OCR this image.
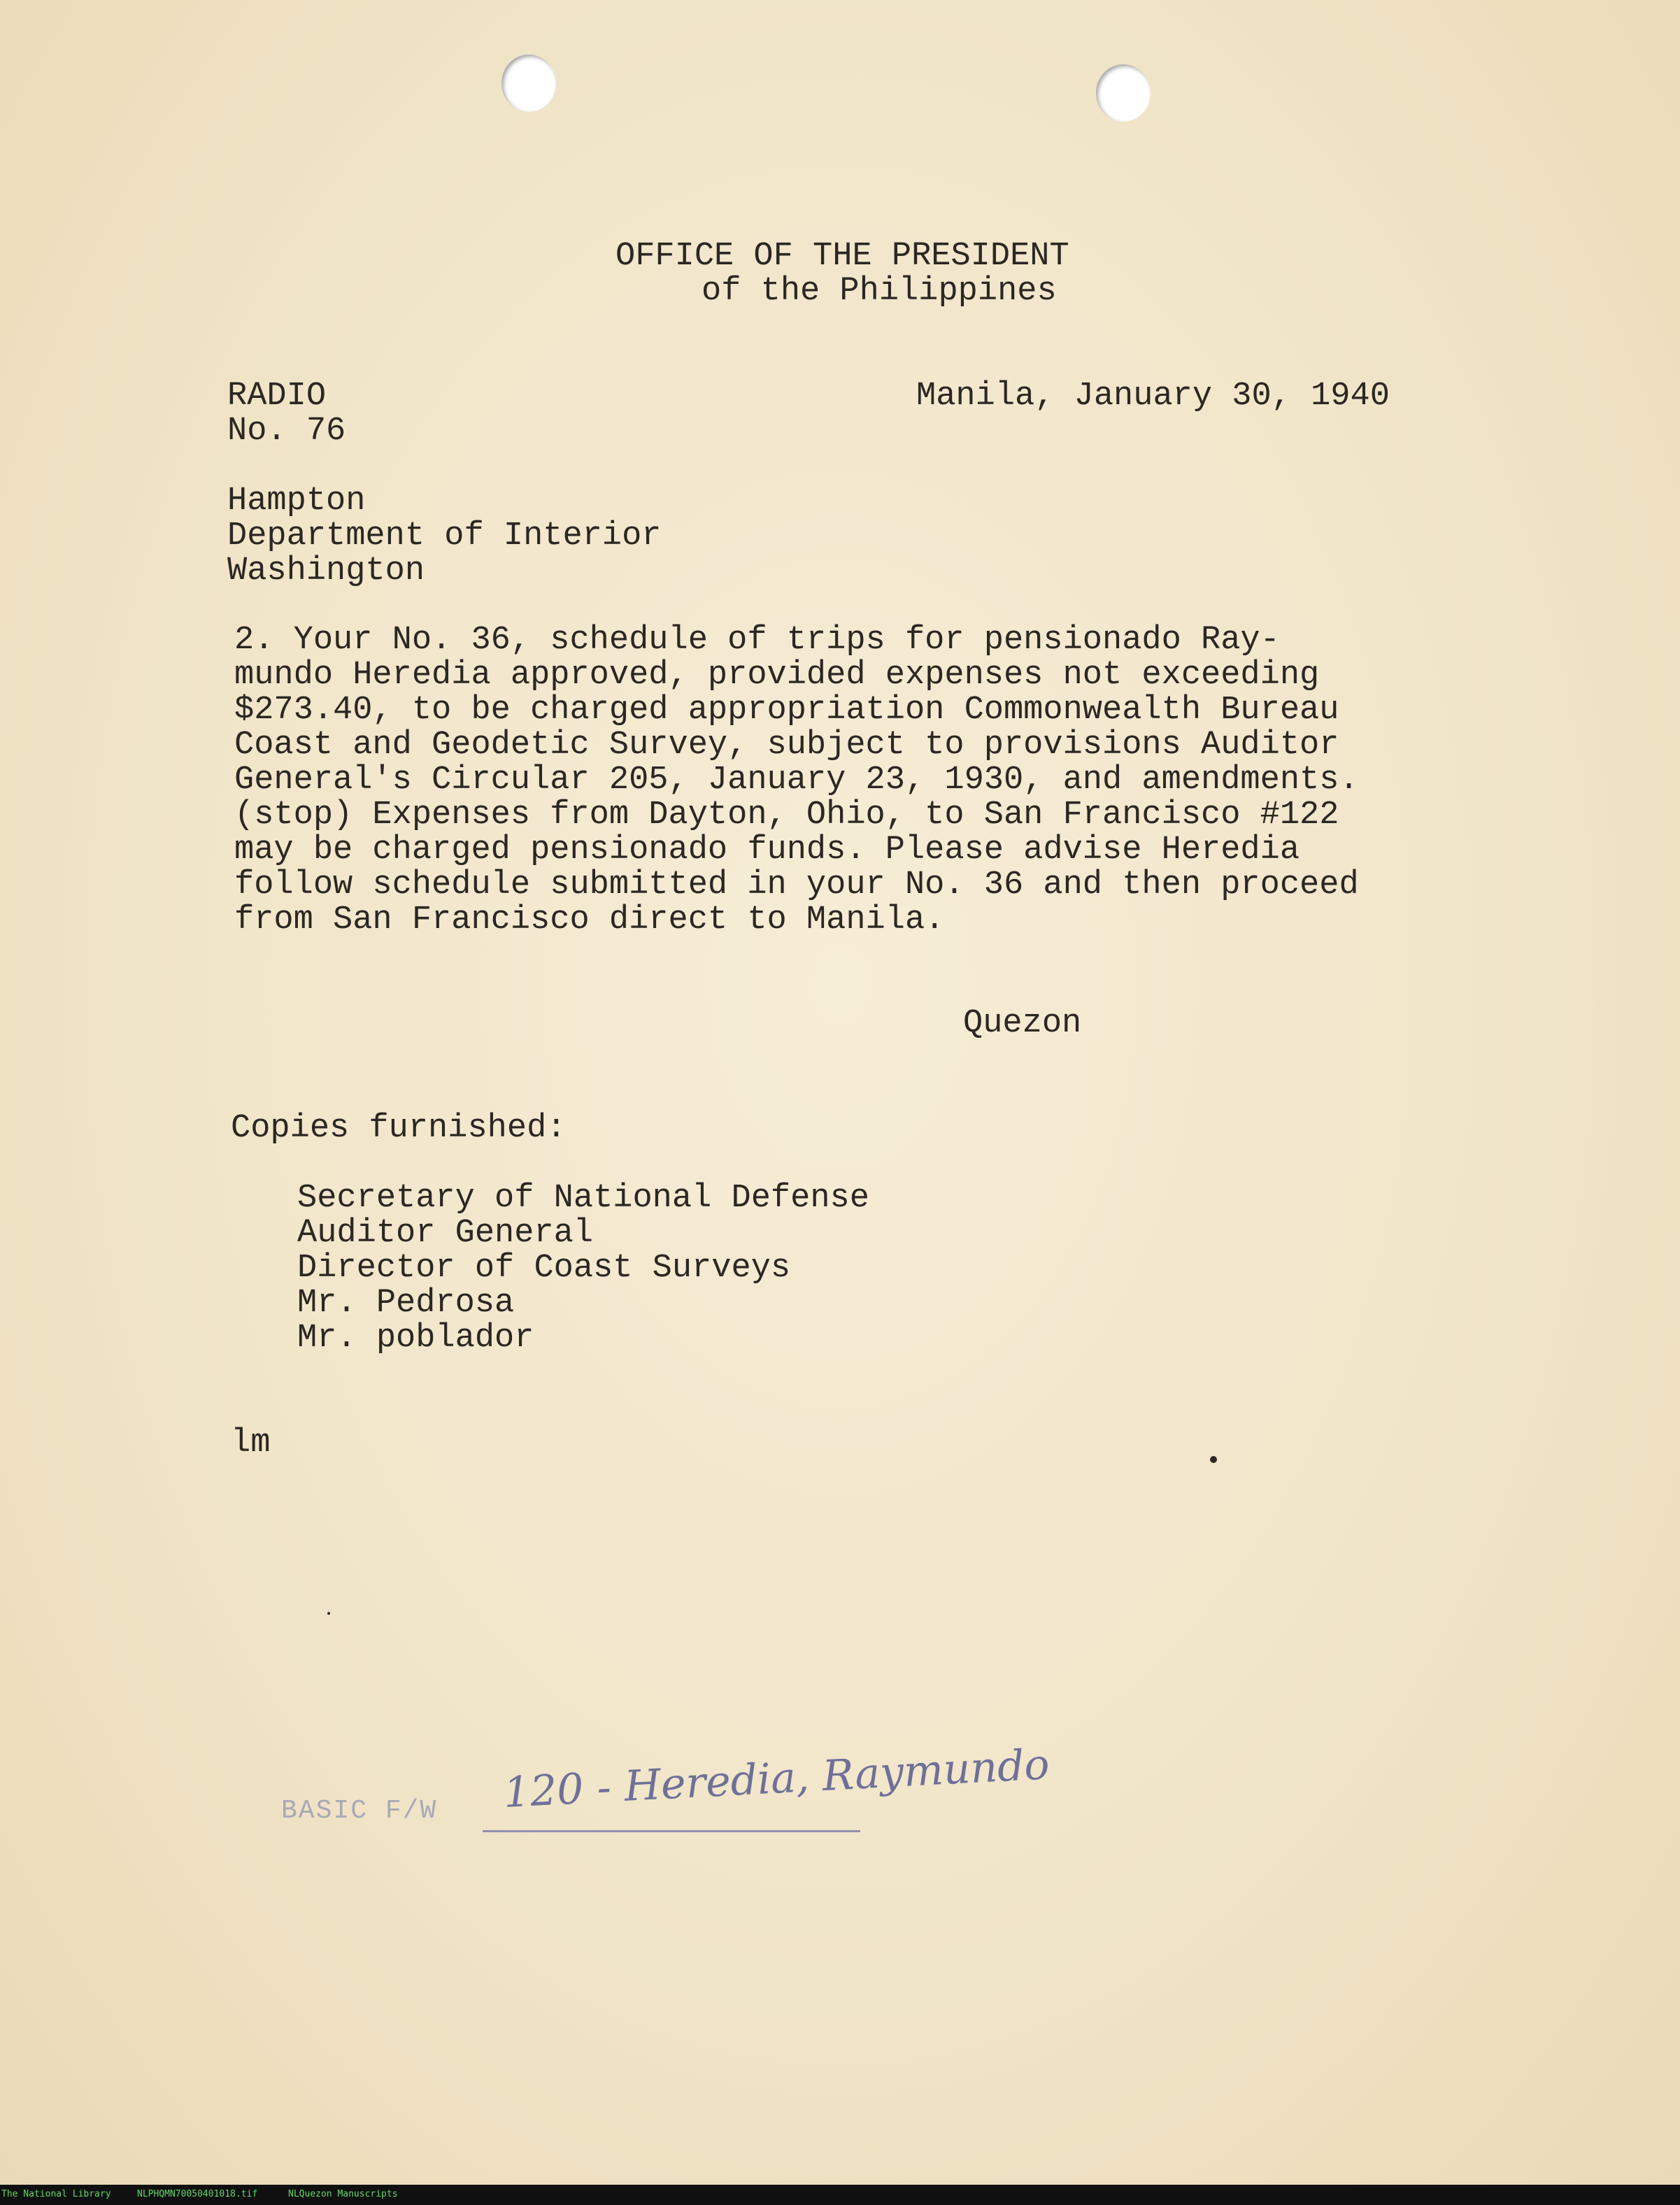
OFFICE OF THE PRESIDENT
of the Philippines
RADIO
No. 76
Manila, January 30, 1940
Hampton
Department of Interior
Washington
2. Your No. 36, schedule of trips for pensionado Ray-
mundo Heredia approved, provided expenses not exceeding
$273.40, to be charged appropriation Commonwealth Bureau
Coast and Geodetic Survey, subject to provisions Auditor
General's Circular 205, January 23, 1930, and amendments.
(stop) Expenses from Dayton, Ohio, to San Francisco #122
may be charged pensionado funds. Please advise Heredia
follow schedule submitted in your No. 36 and then proceed
from San Francisco direct to Manila.
Quezon
Copies furnished:
Secretary of National Defense
Auditor General
Director of Coast Surveys
Mr. Pedrosa
Mr. poblador
lm
BASIC F/W 120 - Heredia, Raymundo
The National Library	NLPHQMN70050401018.tif	NLQuezon Manuscripts
